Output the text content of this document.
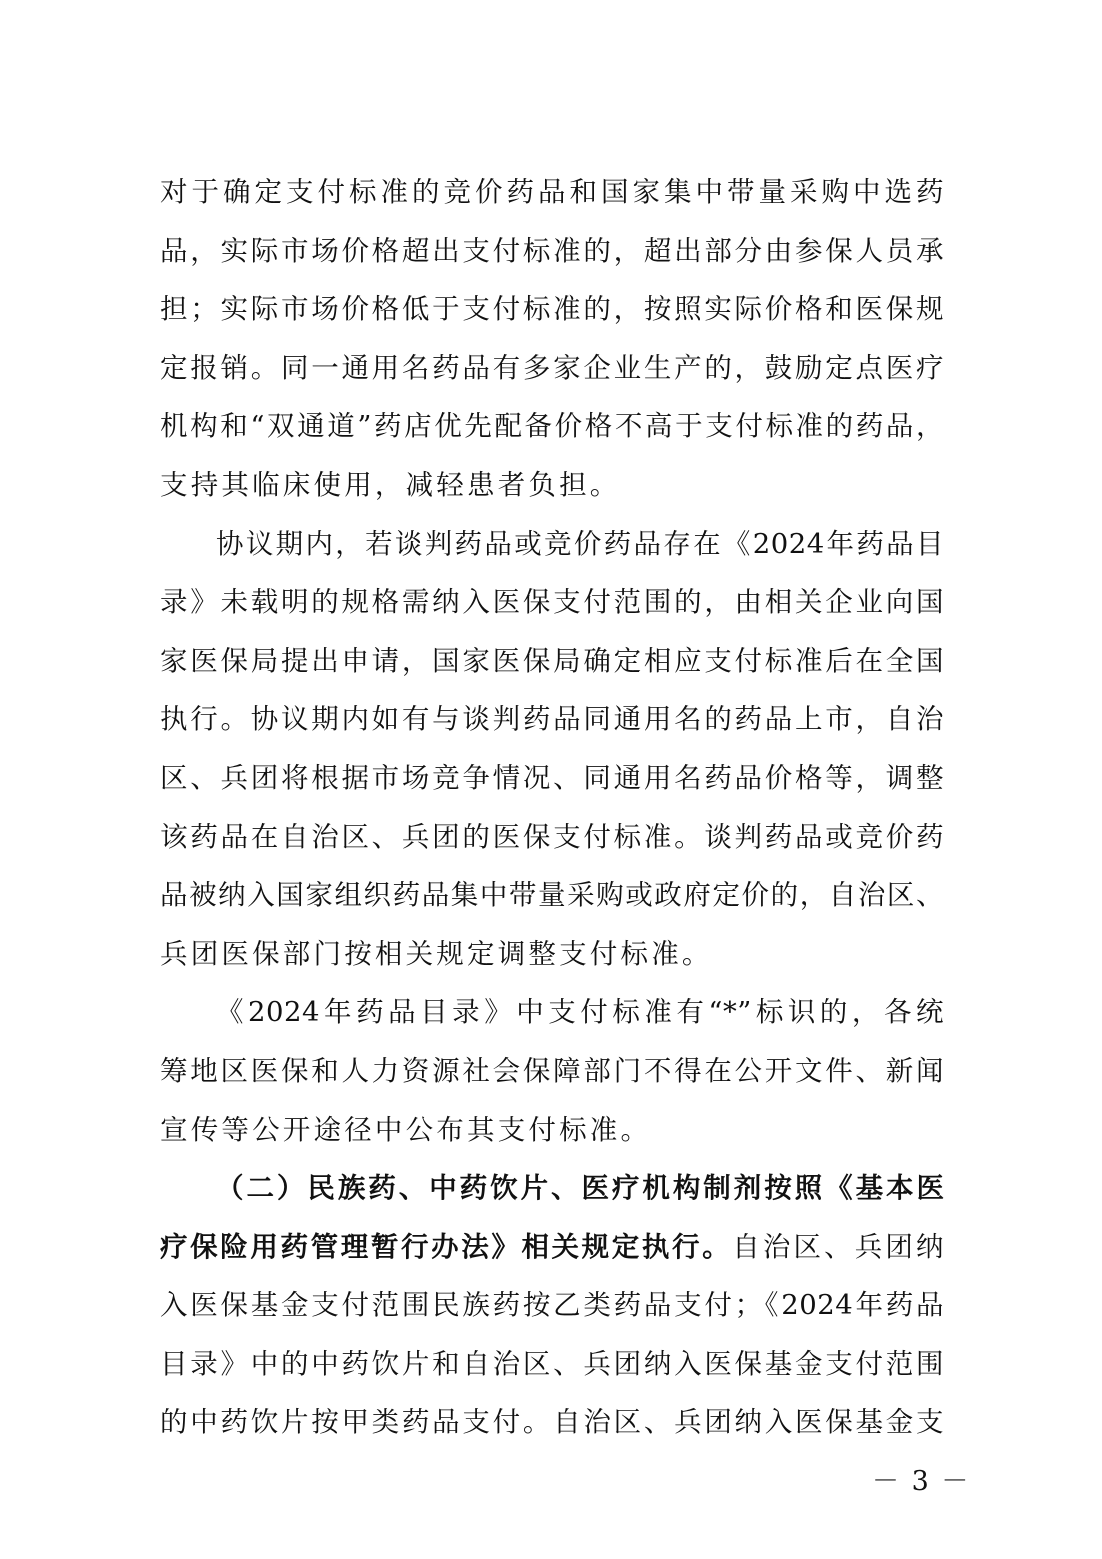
对于确定支付标准的竞价药品和国家集中带量采购中选药
品，实际市场价格超出支付标准的，超出部分由参保人员承
担；实际市场价格低于支付标准的，按照实际价格和医保规
定报销。同一通用名药品有多家企业生产的，鼓励定点医疗
机构和“双通道”药店优先配备价格不高于支付标准的药品，
支持其临床使用，减轻患者负担。
协议期内，若谈判药品或竞价药品存在《2024年药品目
录》未载明的规格需纳入医保支付范围的，由相关企业向国
家医保局提出申请，国家医保局确定相应支付标准后在全国
执行。协议期内如有与谈判药品同通用名的药品上市，自治
区、兵团将根据市场竞争情况、同通用名药品价格等，调整
该药品在自治区、兵团的医保支付标准。谈判药品或竞价药
品被纳入国家组织药品集中带量采购或政府定价的，自治区、
兵团医保部门按相关规定调整支付标准。
《2024年药品目录》中支付标准有“*”标识的，各统
筹地区医保和人力资源社会保障部门不得在公开文件、新闻
宣传等公开途径中公布其支付标准。
（二）民族药、中药饮片、医疗机构制剂按照《基本医
疗保险用药管理暂行办法》相关规定执行。自治区、兵团纳
入医保基金支付范围民族药按乙类药品支付；《2024年药品
目录》中的中药饮片和自治区、兵团纳入医保基金支付范围
的中药饮片按甲类药品支付。自治区、兵团纳入医保基金支
－ 3 －
